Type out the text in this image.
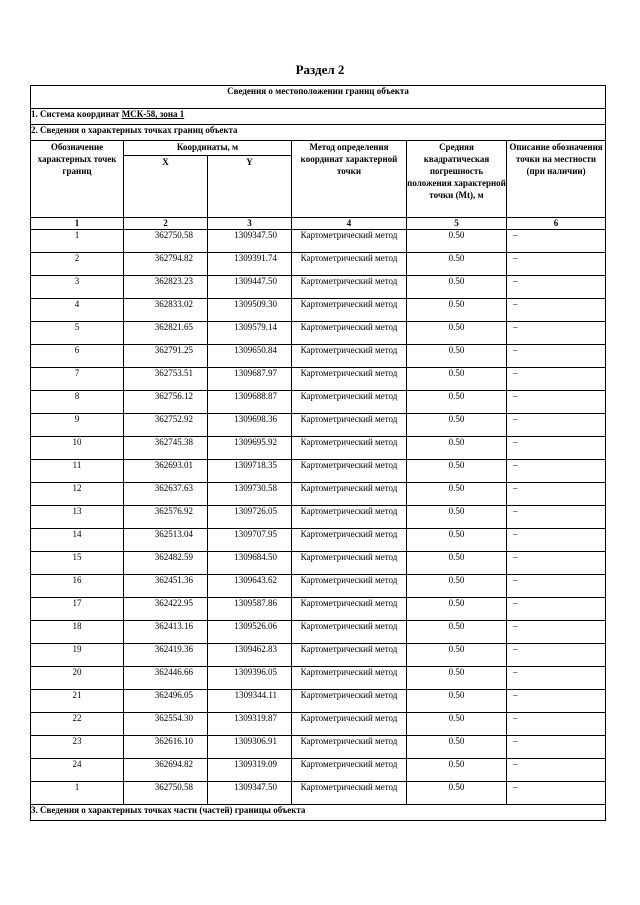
Раздел 2
Сведения о местоположении границ объекта					
1. Система координат МСК-58, зона 1					
2. Сведения о характерных точках границ объекта					
Обозначение характерных точек границ	Координаты, м		Метод определения координат характерной точки	Средняя квадратическая погрешность положения характерной точки (Mt), м	Описание обозначения точки на местности (при наличии)
	X	Y			
1	2	3	4	5	6
1	362750.58	1309347.50	Картометрический метод	0.50	–
2	362794.82	1309391.74	Картометрический метод	0.50	–
3	362823.23	1309447.50	Картометрический метод	0.50	–
4	362833.02	1309509.30	Картометрический метод	0.50	–
5	362821.65	1309579.14	Картометрический метод	0.50	–
6	362791.25	1309650.84	Картометрический метод	0.50	–
7	362753.51	1309687.97	Картометрический метод	0.50	–
8	362756.12	1309688.87	Картометрический метод	0.50	–
9	362752.92	1309698.36	Картометрический метод	0.50	–
10	362745.38	1309695.92	Картометрический метод	0.50	–
11	362693.01	1309718.35	Картометрический метод	0.50	–
12	362637.63	1309730.58	Картометрический метод	0.50	–
13	362576.92	1309726.05	Картометрический метод	0.50	–
14	362513.04	1309707.95	Картометрический метод	0.50	–
15	362482.59	1309684.50	Картометрический метод	0.50	–
16	362451.36	1309643.62	Картометрический метод	0.50	–
17	362422.95	1309587.86	Картометрический метод	0.50	–
18	362413.16	1309526.06	Картометрический метод	0.50	–
19	362419.36	1309462.83	Картометрический метод	0.50	–
20	362446.66	1309396.05	Картометрический метод	0.50	–
21	362496.05	1309344.11	Картометрический метод	0.50	–
22	362554.30	1309319.87	Картометрический метод	0.50	–
23	362616.10	1309306.91	Картометрический метод	0.50	–
24	362694.82	1309319.09	Картометрический метод	0.50	–
1	362750.58	1309347.50	Картометрический метод	0.50	–
3. Сведения о характерных точках части (частей) границы объекта					
